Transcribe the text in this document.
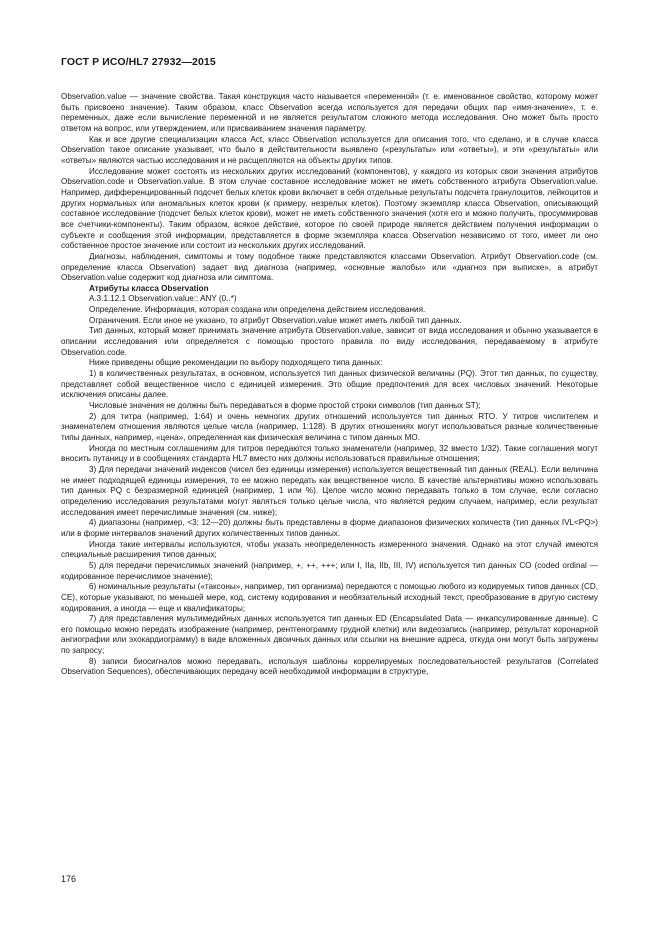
ГОСТ Р ИСО/HL7 27932—2015

Observation.value — значение свойства. Такая конструкция часто называется «переменной» (т. е. именованное свойство, которому может быть присвоено значение). Таким образом, класс Observation всегда используется для передачи общих пар «имя-значение», т. е. переменных, даже если вычисление переменной и не является результатом сложного метода исследования. Оно может быть просто ответом на вопрос, или утверждением, или присваиванием значения параметру.

Как и все другие специализации класса Act, класс Observation используется для описания того, что сделано, и в случае класса Observation такое описание указывает, что было в действительности выявлено («результаты» или «ответы»), и эти «результаты» или «ответы» являются частью исследования и не расщепляются на объекты других типов.

Исследование может состоять из нескольких других исследований (компонентов), у каждого из которых свои значения атрибутов Observation.code и Observation.value. В этом случае составное исследование может не иметь собственного атрибута Observation.value. Например, дифференцированный подсчет белых клеток крови включает в себя отдельные результаты подсчета гранулоцитов, лейкоцитов и других нормальных или аномальных клеток крови (к примеру, незрелых клеток). Поэтому экземпляр класса Observation, описывающий составное исследование (подсчет белых клеток крови), может не иметь собственного значения (хотя его и можно получить, просуммировав все счетчики-компоненты). Таким образом, всякое действие, которое по своей природе является действием получения информации о субъекте и сообщения этой информации, представляется в форме экземпляра класса Observation независимо от того, имеет ли оно собственное простое значение или состоит из нескольких других исследований.

Диагнозы, наблюдения, симптомы и тому подобное также представляются классами Observation. Атрибут Observation.code (см. определение класса Observation) задает вид диагноза (например, «основные жалобы» или «диагноз при выписке», а атрибут Observation.value содержит код диагноза или симптома.

Атрибуты класса Observation

A.3.1.12.1 Observation.value:: ANY (0..*)

Определение. Информация, которая создана или определена действием исследования.

Ограничения. Если иное не указано, то атрибут Observation.value может иметь любой тип данных.

Тип данных, который может принимать значение атрибута Observation.value, зависит от вида исследования и обычно указывается в описании исследования или определяется с помощью простого правила по виду исследования, передаваемому в атрибуте Observation.code.

Ниже приведены общие рекомендации по выбору подходящего типа данных:

1) в количественных результатах, в основном, используется тип данных физической величины (PQ). Этот тип данных, по существу, представляет собой вещественное число с единицей измерения. Это общие предпочтения для всех числовых значений. Некоторые исключения описаны далее.

Числовые значения не должны быть передаваться в форме простой строки символов (тип данных ST);

2) для титра (например, 1:64) и очень немногих других отношений используется тип данных RTO. У титров числителем и знаменателем отношения являются целые числа (например, 1:128). В других отношениях могут использоваться разные количественные типы данных, например, «цена», определенная как физическая величина с типом данных MO.

Иногда по местным соглашениям для титров передаются только знаменатели (например, 32 вместо 1/32). Такие соглашения могут вносить путаницу и в сообщениях стандарта HL7 вместо них должны использоваться правильные отношения;

3) Для передачи значений индексов (чисел без единицы измерения) используется вещественный тип данных (REAL). Если величина не имеет подходящей единицы измерения, то ее можно передать как вещественное число. В качестве альтернативы можно использовать тип данных PQ с безразмерной единицей (например, 1 или %). Целое число можно передавать только в том случае, если согласно определению исследования результатами могут являться только целые числа, что является редким случаем, например, если результат исследования имеет перечислимые значения (см. ниже);

4) диапазоны (например, <3; 12—20) должны быть представлены в форме диапазонов физических количеств (тип данных IVL<PQ>) или в форме интервалов значений других количественных типов данных.

Иногда такие интервалы используются, чтобы указать неопределенность измеренного значения. Однако на этот случай имеются специальные расширения типов данных;

5) для передачи перечислимых значений (например, +, ++, +++; или I, IIa, IIb, III, IV) используется тип данных CO (coded ordinal — кодированное перечислимое значение);

6) номинальные результаты («таксоны», например, тип организма) передаются с помощью любого из кодируемых типов данных (CD, CE), которые указывают, по меньшей мере, код, систему кодирования и необязательный исходный текст, преобразование в другую систему кодирования, а иногда — еще и квалификаторы;

7) для представления мультимедийных данных используется тип данных ED (Encapsulated Data — инкапсулированные данные). С его помощью можно передать изображение (например, рентгенограмму грудной клетки) или видеозапись (например, результат коронарной ангиографии или эхокардиограмму) в виде вложенных двоичных данных или ссылки на внешние адреса, откуда они могут быть загружены по запросу;

8) записи биосигналов можно передавать, используя шаблоны коррелируемых последовательностей результатов (Correlated Observation Sequences), обеспечивающих передачу всей необходимой информации в структуре,

176
